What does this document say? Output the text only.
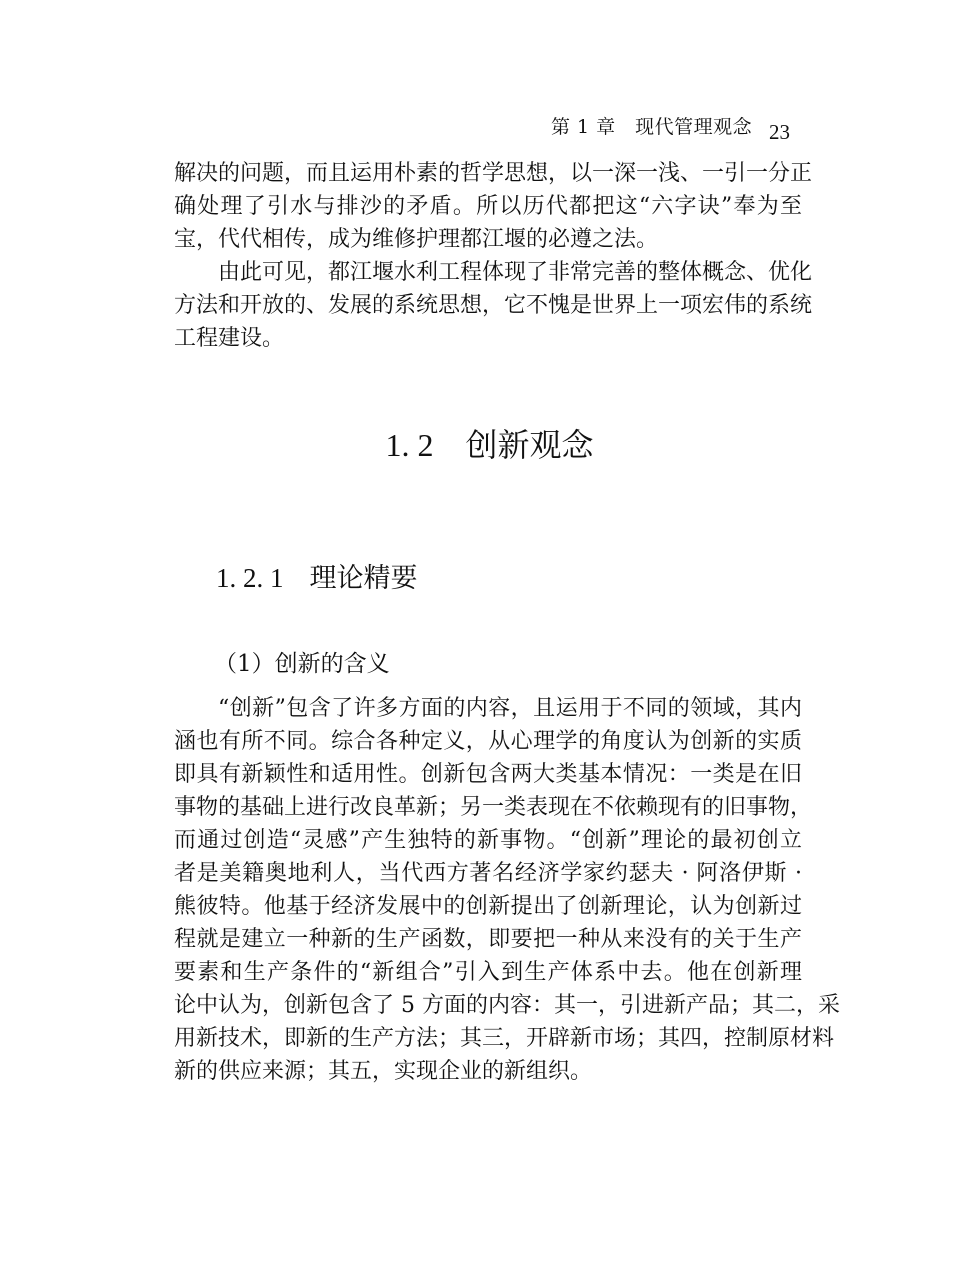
第 1 章　现代管理观念 23
解决的问题，而且运用朴素的哲学思想，以一深一浅、一引一分正
确处理了引水与排沙的矛盾。所以历代都把这“六字诀”奉为至
宝，代代相传，成为维修护理都江堰的必遵之法。
由此可见，都江堰水利工程体现了非常完善的整体概念、优化
方法和开放的、发展的系统思想，它不愧是世界上一项宏伟的系统
工程建设。
1. 2 创新观念
1. 2. 1 理论精要
（1）创新的含义
“创新”包含了许多方面的内容，且运用于不同的领域，其内
涵也有所不同。综合各种定义，从心理学的角度认为创新的实质
即具有新颖性和适用性。创新包含两大类基本情况：一类是在旧
事物的基础上进行改良革新；另一类表现在不依赖现有的旧事物，
而通过创造“灵感”产生独特的新事物。“创新”理论的最初创立
者是美籍奥地利人，当代西方著名经济学家约瑟夫 · 阿洛伊斯 ·
熊彼特。他基于经济发展中的创新提出了创新理论，认为创新过
程就是建立一种新的生产函数，即要把一种从来没有的关于生产
要素和生产条件的“新组合”引入到生产体系中去。他在创新理
论中认为，创新包含了 5 方面的内容：其一，引进新产品；其二，采
用新技术，即新的生产方法；其三，开辟新市场；其四，控制原材料
新的供应来源；其五，实现企业的新组织。
